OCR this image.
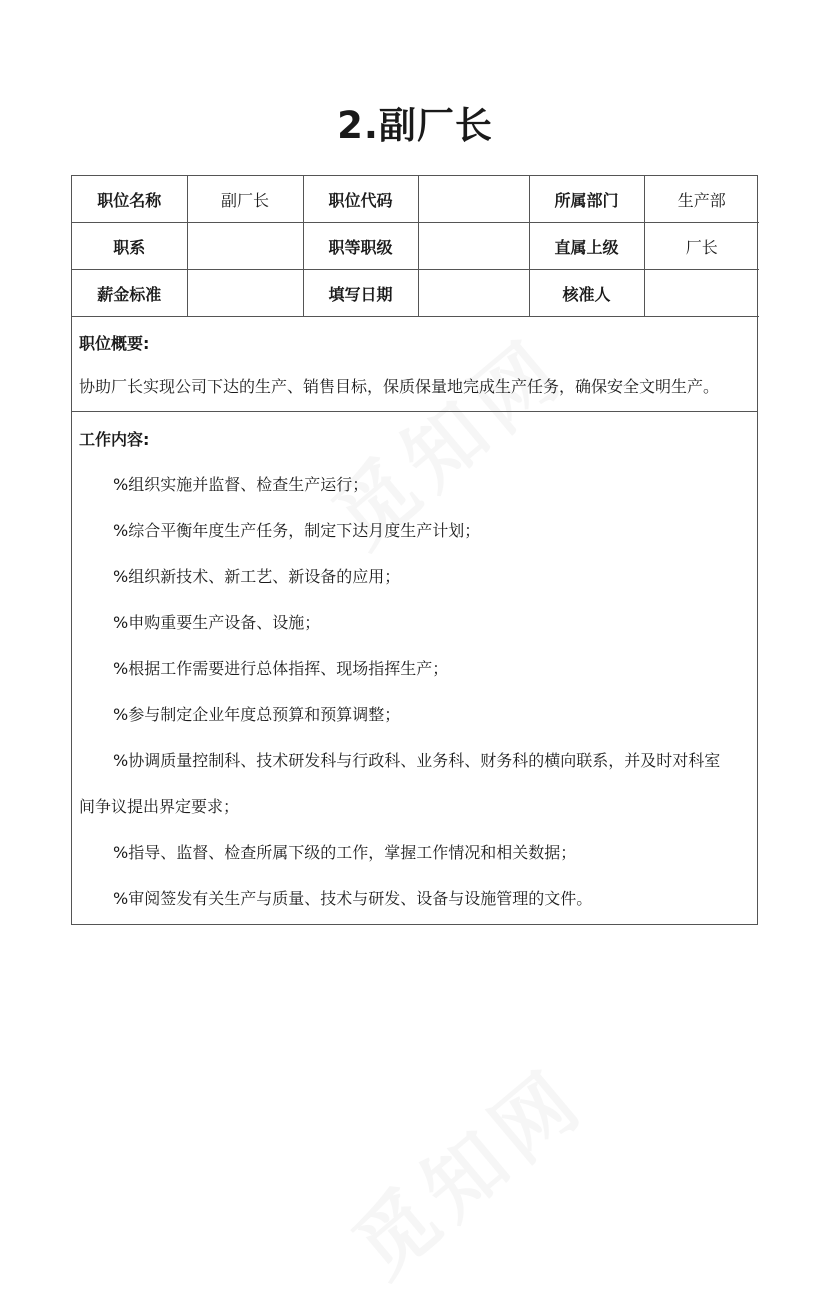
2.副厂长
职位名称	副厂长	职位代码		所属部门	生产部
职系		职等职级		直属上级	厂长
薪金标准		填写日期		核准人	
职位概要:
协助厂长实现公司下达的生产、销售目标，保质保量地完成生产任务，确保安全文明生产。
工作内容:
%组织实施并监督、检查生产运行；
%综合平衡年度生产任务，制定下达月度生产计划；
%组织新技术、新工艺、新设备的应用；
%申购重要生产设备、设施；
%根据工作需要进行总体指挥、现场指挥生产；
%参与制定企业年度总预算和预算调整；
%协调质量控制科、技术研发科与行政科、业务科、财务科的横向联系，并及时对科室
间争议提出界定要求；
%指导、监督、检查所属下级的工作，掌握工作情况和相关数据；
%审阅签发有关生产与质量、技术与研发、设备与设施管理的文件。
